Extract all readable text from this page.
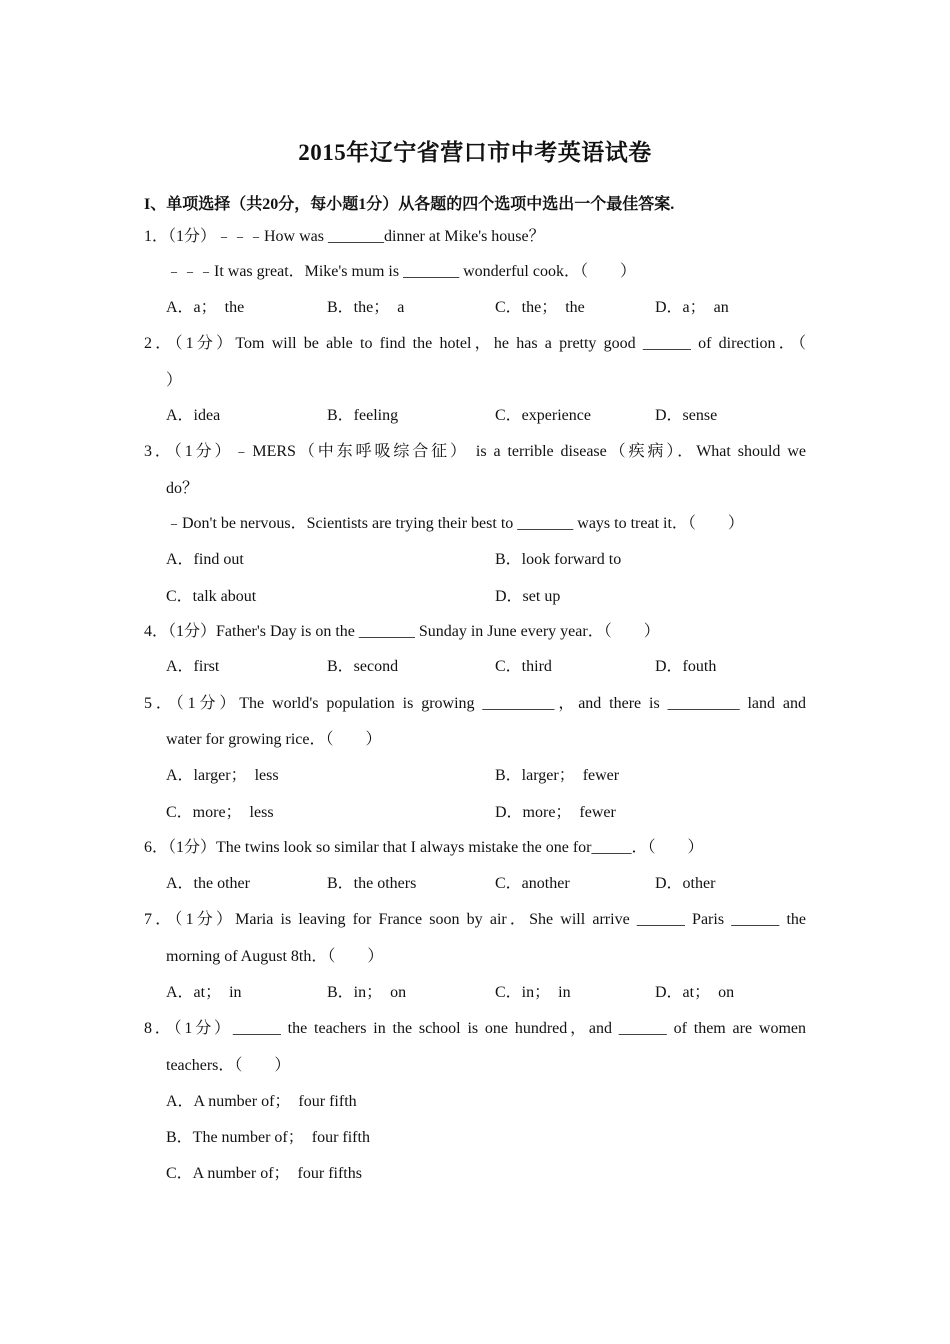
2015年辽宁省营口市中考英语试卷
I、单项选择（共20分，每小题1分）从各题的四个选项中选出一个最佳答案.
1．（1分）﹣﹣﹣How was _______dinner at Mike's house？
﹣﹣﹣It was great．Mike's mum is _______ wonderful cook．（　　）
A．a；　the	B．the；　a	C．the；　the	D．a；　an
2．（1分）Tom will be able to find the hotel，he has a pretty good ______ of direction．（
）
A．idea	B．feeling	C．experience	D．sense
3．（1分）﹣MERS（中东呼吸综合征） is a terrible disease（疾病）．What should we
do？
﹣Don't be nervous．Scientists are trying their best to _______ ways to treat it．（　　）
A．find out	B．look forward to
C．talk about	D．set up
4．（1分）Father's Day is on the _______ Sunday in June every year．（　　）
A．first	B．second	C．third	D．fouth
5．（1分）The world's population is growing _________，and there is _________ land and
water for growing rice．（　　）
A．larger；　less	B．larger；　fewer
C．more；　less	D．more；　fewer
6．（1分）The twins look so similar that I always mistake the one for_____．（　　）
A．the other	B．the others	C．another	D．other
7．（1分）Maria is leaving for France soon by air．She will arrive ______ Paris ______ the
morning of August 8th．（　　）
A．at；　in	B．in；　on	C．in；　in	D．at；　on
8．（1分）______ the teachers in the school is one hundred，and ______ of them are women
teachers．（　　）
A．A number of；　four fifth
B．The number of；　four fifth
C．A number of；　four fifths
